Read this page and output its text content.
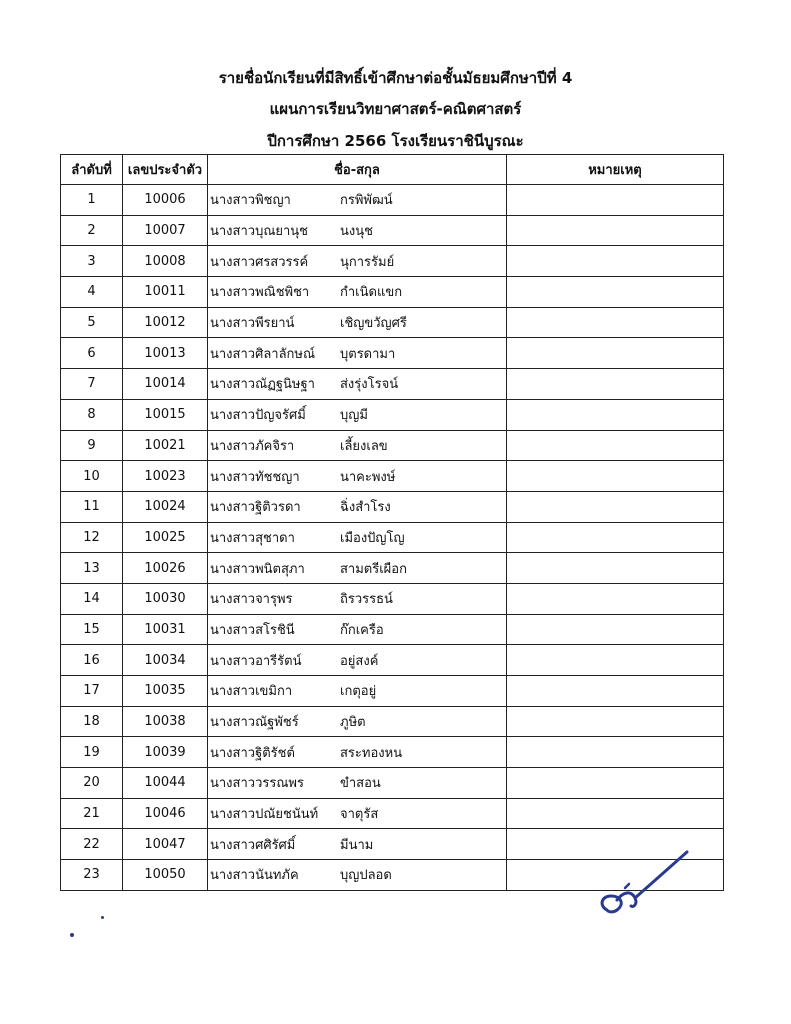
รายชื่อนักเรียนที่มีสิทธิ์เข้าศึกษาต่อชั้นมัธยมศึกษาปีที่ 4
แผนการเรียนวิทยาศาสตร์-คณิตศาสตร์
ปีการศึกษา 2566 โรงเรียนราชินีบูรณะ
ลำดับที่	เลขประจำตัว	ชื่อ-สกุล	หมายเหตุ
1	10006	นางสาวพิชญา กรพิพัฒน์	
2	10007	นางสาวบุณยานุช นงนุช	
3	10008	นางสาวศรสวรรค์ นุการรัมย์	
4	10011	นางสาวพณิชพิชา กำเนิดแขก	
5	10012	นางสาวพีรยาน์ เชิญขวัญศรี	
6	10013	นางสาวศิลาลักษณ์ บุตรดามา	
7	10014	นางสาวณัฏฐนิษฐา ส่งรุ่งโรจน์	
8	10015	นางสาวปัญจรัศมิ์ บุญมี	
9	10021	นางสาวภัคจิรา เลี้ยงเลข	
10	10023	นางสาวทัชชญา นาคะพงษ์	
11	10024	นางสาวฐิติวรดา ฉิ่งสำโรง	
12	10025	นางสาวสุชาดา เมืองปัญโญ	
13	10026	นางสาวพนิตสุภา สามตรีเผือก	
14	10030	นางสาวจารุพร ถิรวรรธน์	
15	10031	นางสาวสโรชินี ก๊กเครือ	
16	10034	นางสาวอารีรัตน์ อยู่สงค์	
17	10035	นางสาวเขมิกา เกตุอยู่	
18	10038	นางสาวณัฐพัชร์ ภูษิต	
19	10039	นางสาวฐิติรัชต์ สระทองหน	
20	10044	นางสาววรรณพร ขำสอน	
21	10046	นางสาวปณัยชนันท์ จาตุรัส	
22	10047	นางสาวศศิรัศมิ์ มีนาม	
23	10050	นางสาวนันทภัค บุญปลอด	
